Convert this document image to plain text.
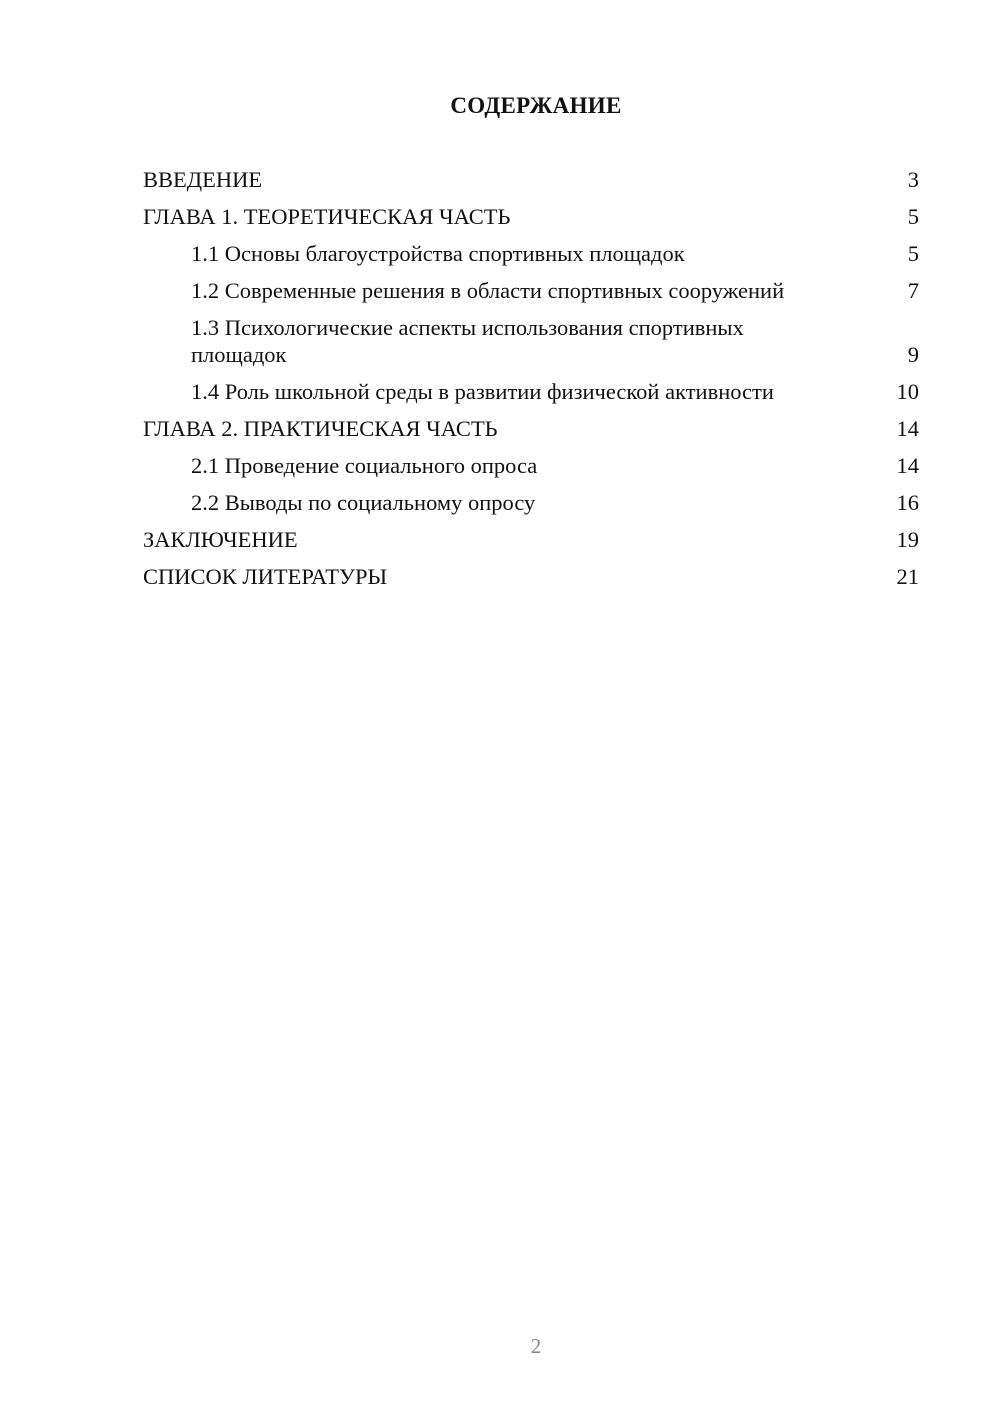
СОДЕРЖАНИЕ
ВВЕДЕНИЕ	3
ГЛАВА 1. ТЕОРЕТИЧЕСКАЯ ЧАСТЬ	5
1.1 Основы благоустройства спортивных площадок	5
1.2 Современные решения в области спортивных сооружений	7
1.3 Психологические аспекты использования спортивных площадок	9
1.4 Роль школьной среды в развитии физической активности	10
ГЛАВА 2. ПРАКТИЧЕСКАЯ ЧАСТЬ	14
2.1 Проведение социального опроса	14
2.2 Выводы по социальному опросу	16
ЗАКЛЮЧЕНИЕ	19
СПИСОК ЛИТЕРАТУРЫ	21
2
